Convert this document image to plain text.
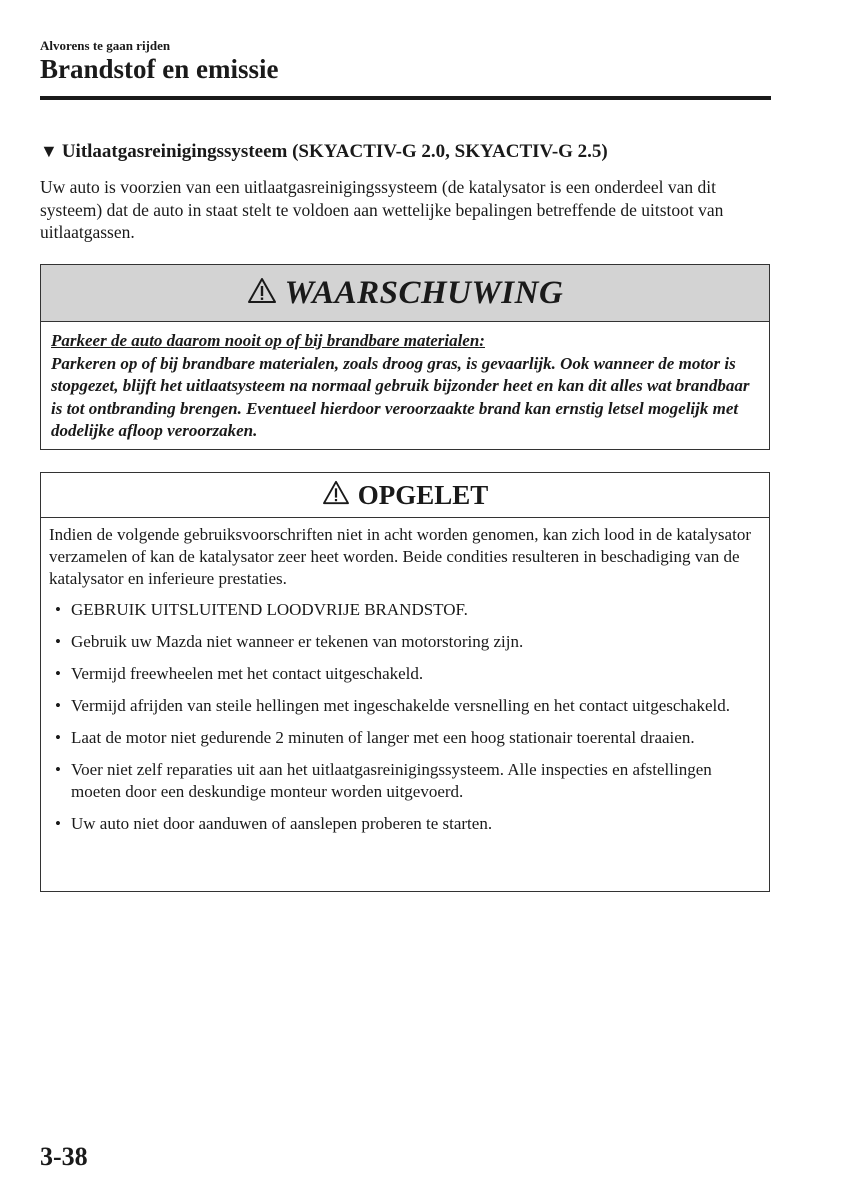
Alvorens te gaan rijden
Brandstof en emissie
▼ Uitlaatgasreinigingssysteem (SKYACTIV-G 2.0, SKYACTIV-G 2.5)
Uw auto is voorzien van een uitlaatgasreinigingssysteem (de katalysator is een onderdeel van dit systeem) dat de auto in staat stelt te voldoen aan wettelijke bepalingen betreffende de uitstoot van uitlaatgassen.
WAARSCHUWING
Parkeer de auto daarom nooit op of bij brandbare materialen:
Parkeren op of bij brandbare materialen, zoals droog gras, is gevaarlijk. Ook wanneer de motor is stopgezet, blijft het uitlaatsysteem na normaal gebruik bijzonder heet en kan dit alles wat brandbaar is tot ontbranding brengen. Eventueel hierdoor veroorzaakte brand kan ernstig letsel mogelijk met dodelijke afloop veroorzaken.
OPGELET
Indien de volgende gebruiksvoorschriften niet in acht worden genomen, kan zich lood in de katalysator verzamelen of kan de katalysator zeer heet worden. Beide condities resulteren in beschadiging van de katalysator en inferieure prestaties.
• GEBRUIK UITSLUITEND LOODVRIJE BRANDSTOF.
• Gebruik uw Mazda niet wanneer er tekenen van motorstoring zijn.
• Vermijd freewheelen met het contact uitgeschakeld.
• Vermijd afrijden van steile hellingen met ingeschakelde versnelling en het contact uitgeschakeld.
• Laat de motor niet gedurende 2 minuten of langer met een hoog stationair toerental draaien.
• Voer niet zelf reparaties uit aan het uitlaatgasreinigingssysteem. Alle inspecties en afstellingen moeten door een deskundige monteur worden uitgevoerd.
• Uw auto niet door aanduwen of aanslepen proberen te starten.
3-38
